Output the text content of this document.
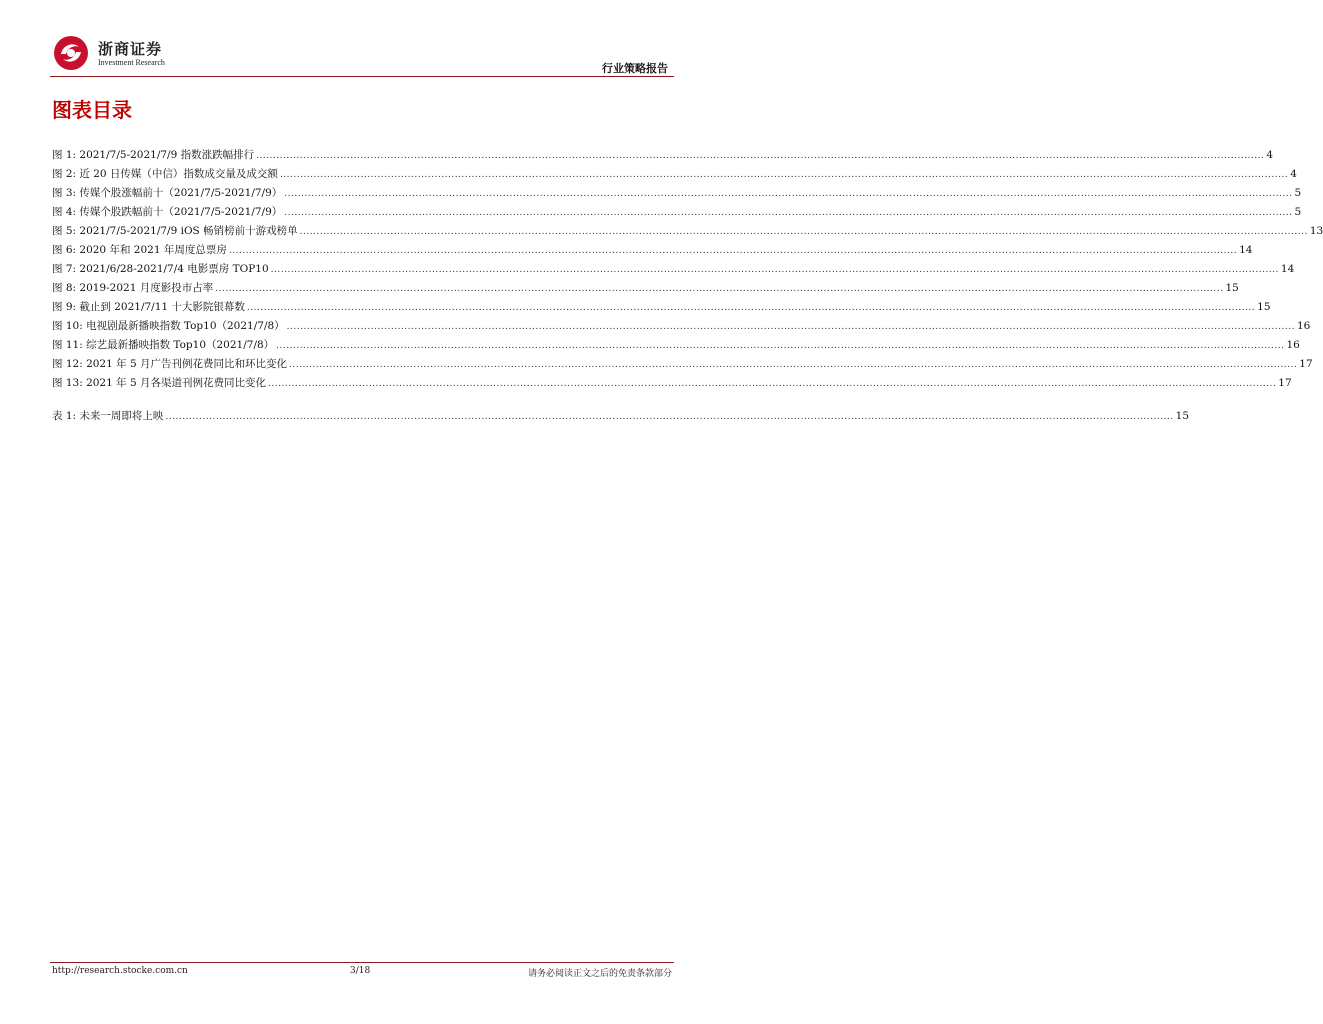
浙商证券
Investment Research	行业策略报告
图表目录
图 1: 2021/7/5-2021/7/9 指数涨跌幅排行 ............................................................................................................................................................................................................................................................................................................ 4
图 2: 近 20 日传媒（中信）指数成交量及成交额 ............................................................................................................................................................................................................................................................................................................ 4
图 3: 传媒个股涨幅前十（2021/7/5-2021/7/9） ............................................................................................................................................................................................................................................................................................................ 5
图 4: 传媒个股跌幅前十（2021/7/5-2021/7/9） ............................................................................................................................................................................................................................................................................................................ 5
图 5: 2021/7/5-2021/7/9 iOS 畅销榜前十游戏榜单 ............................................................................................................................................................................................................................................................................................................ 13
图 6: 2020 年和 2021 年周度总票房 ............................................................................................................................................................................................................................................................................................................ 14
图 7: 2021/6/28-2021/7/4 电影票房 TOP10 ............................................................................................................................................................................................................................................................................................................ 14
图 8: 2019-2021 月度影投市占率 ............................................................................................................................................................................................................................................................................................................ 15
图 9: 截止到 2021/7/11 十大影院银幕数 ............................................................................................................................................................................................................................................................................................................ 15
图 10: 电视剧最新播映指数 Top10（2021/7/8） ............................................................................................................................................................................................................................................................................................................ 16
图 11: 综艺最新播映指数 Top10（2021/7/8） ............................................................................................................................................................................................................................................................................................................ 16
图 12: 2021 年 5 月广告刊例花费同比和环比变化 ............................................................................................................................................................................................................................................................................................................ 17
图 13: 2021 年 5 月各渠道刊例花费同比变化 ............................................................................................................................................................................................................................................................................................................ 17
表 1: 未来一周即将上映 ............................................................................................................................................................................................................................................................................................................ 15
http://research.stocke.com.cn	3/18	请务必阅读正文之后的免责条款部分
